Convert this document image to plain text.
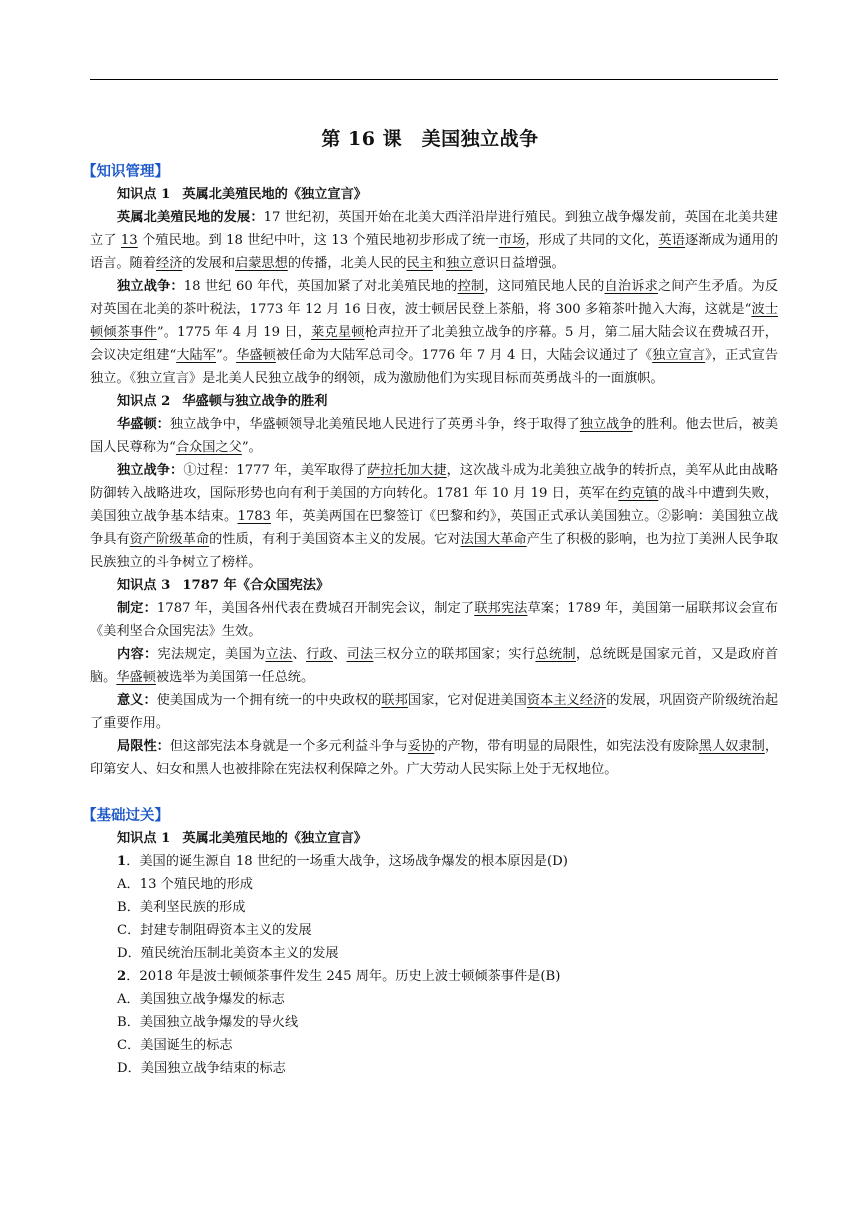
第 16 课　美国独立战争
【知识管理】
知识点 1 英属北美殖民地的《独立宣言》

英属北美殖民地的发展：17 世纪初，英国开始在北美大西洋沿岸进行殖民。到独立战争爆发前，英国在北美共建立了 13 个殖民地。到 18 世纪中叶，这 13 个殖民地初步形成了统一市场，形成了共同的文化，英语逐渐成为通用的语言。随着经济的发展和启蒙思想的传播，北美人民的民主和独立意识日益增强。

独立战争：18 世纪 60 年代，英国加紧了对北美殖民地的控制，这同殖民地人民的自治诉求之间产生矛盾。为反对英国在北美的茶叶税法，1773 年 12 月 16 日夜，波士顿居民登上茶船，将 300 多箱茶叶抛入大海，这就是“波士顿倾茶事件”。1775 年 4 月 19 日，莱克星顿枪声拉开了北美独立战争的序幕。5 月，第二届大陆会议在费城召开，会议决定组建“大陆军”。华盛顿被任命为大陆军总司令。1776 年 7 月 4 日，大陆会议通过了《独立宣言》，正式宣告独立。《独立宣言》是北美人民独立战争的纲领，成为激励他们为实现目标而英勇战斗的一面旗帜。

知识点 2 华盛顿与独立战争的胜利

华盛顿：独立战争中，华盛顿领导北美殖民地人民进行了英勇斗争，终于取得了独立战争的胜利。他去世后，被美国人民尊称为“合众国之父”。

独立战争：①过程：1777 年，美军取得了萨拉托加大捷，这次战斗成为北美独立战争的转折点，美军从此由战略防御转入战略进攻，国际形势也向有利于美国的方向转化。1781 年 10 月 19 日，英军在约克镇的战斗中遭到失败，美国独立战争基本结束。1783 年，英美两国在巴黎签订《巴黎和约》，英国正式承认美国独立。②影响：美国独立战争具有资产阶级革命的性质，有利于美国资本主义的发展。它对法国大革命产生了积极的影响，也为拉丁美洲人民争取民族独立的斗争树立了榜样。

知识点 3 1787 年《合众国宪法》

制定：1787 年，美国各州代表在费城召开制宪会议，制定了联邦宪法草案；1789 年，美国第一届联邦议会宣布《美利坚合众国宪法》生效。

内容：宪法规定，美国为立法、行政、司法三权分立的联邦国家；实行总统制，总统既是国家元首，又是政府首脑。华盛顿被选举为美国第一任总统。

意义：使美国成为一个拥有统一的中央政权的联邦国家，它对促进美国资本主义经济的发展，巩固资产阶级统治起了重要作用。

局限性：但这部宪法本身就是一个多元利益斗争与妥协的产物，带有明显的局限性，如宪法没有废除黑人奴隶制，印第安人、妇女和黑人也被排除在宪法权利保障之外。广大劳动人民实际上处于无权地位。

【基础过关】
知识点 1 英属北美殖民地的《独立宣言》
1．美国的诞生源自 18 世纪的一场重大战争，这场战争爆发的根本原因是(D)
A．13 个殖民地的形成
B．美利坚民族的形成
C．封建专制阻碍资本主义的发展
D．殖民统治压制北美资本主义的发展
2．2018 年是波士顿倾茶事件发生 245 周年。历史上波士顿倾茶事件是(B)
A．美国独立战争爆发的标志
B．美国独立战争爆发的导火线
C．美国诞生的标志
D．美国独立战争结束的标志
